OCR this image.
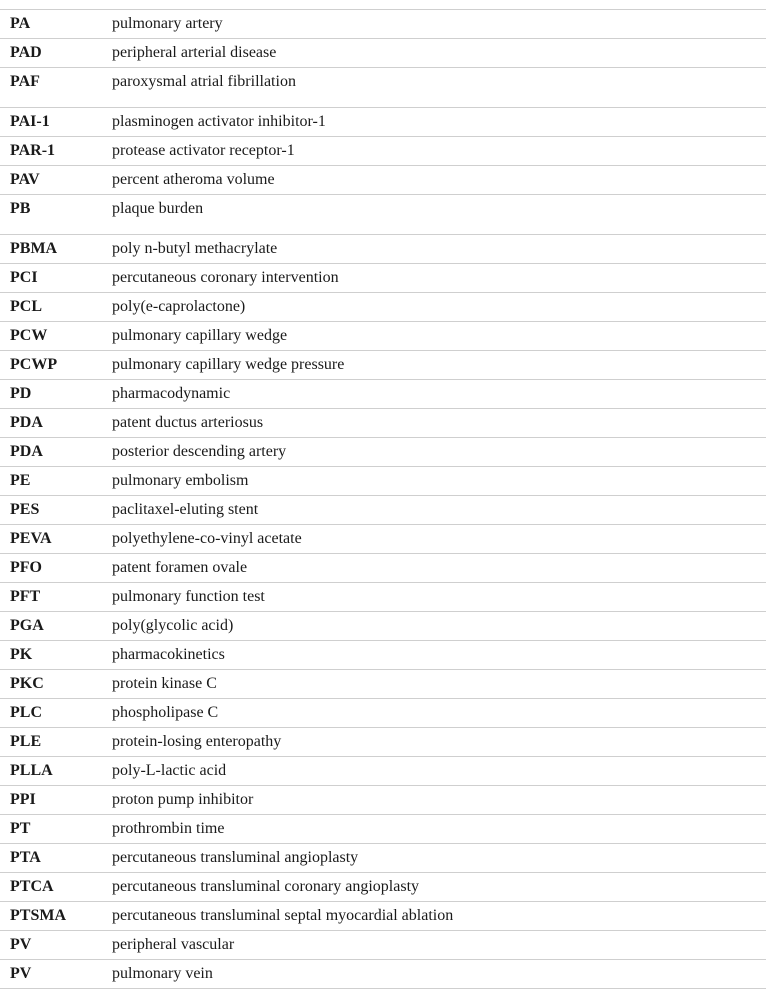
PA	pulmonary artery
PAD	peripheral arterial disease
PAF	paroxysmal atrial fibrillation
PAI-1	plasminogen activator inhibitor-1
PAR-1	protease activator receptor-1
PAV	percent atheroma volume
PB	plaque burden
PBMA	poly n-butyl methacrylate
PCI	percutaneous coronary intervention
PCL	poly(e-caprolactone)
PCW	pulmonary capillary wedge
PCWP	pulmonary capillary wedge pressure
PD	pharmacodynamic
PDA	patent ductus arteriosus
PDA	posterior descending artery
PE	pulmonary embolism
PES	paclitaxel-eluting stent
PEVA	polyethylene-co-vinyl acetate
PFO	patent foramen ovale
PFT	pulmonary function test
PGA	poly(glycolic acid)
PK	pharmacokinetics
PKC	protein kinase C
PLC	phospholipase C
PLE	protein-losing enteropathy
PLLA	poly-L-lactic acid
PPI	proton pump inhibitor
PT	prothrombin time
PTA	percutaneous transluminal angioplasty
PTCA	percutaneous transluminal coronary angioplasty
PTSMA	percutaneous transluminal septal myocardial ablation
PV	peripheral vascular
PV	pulmonary vein
